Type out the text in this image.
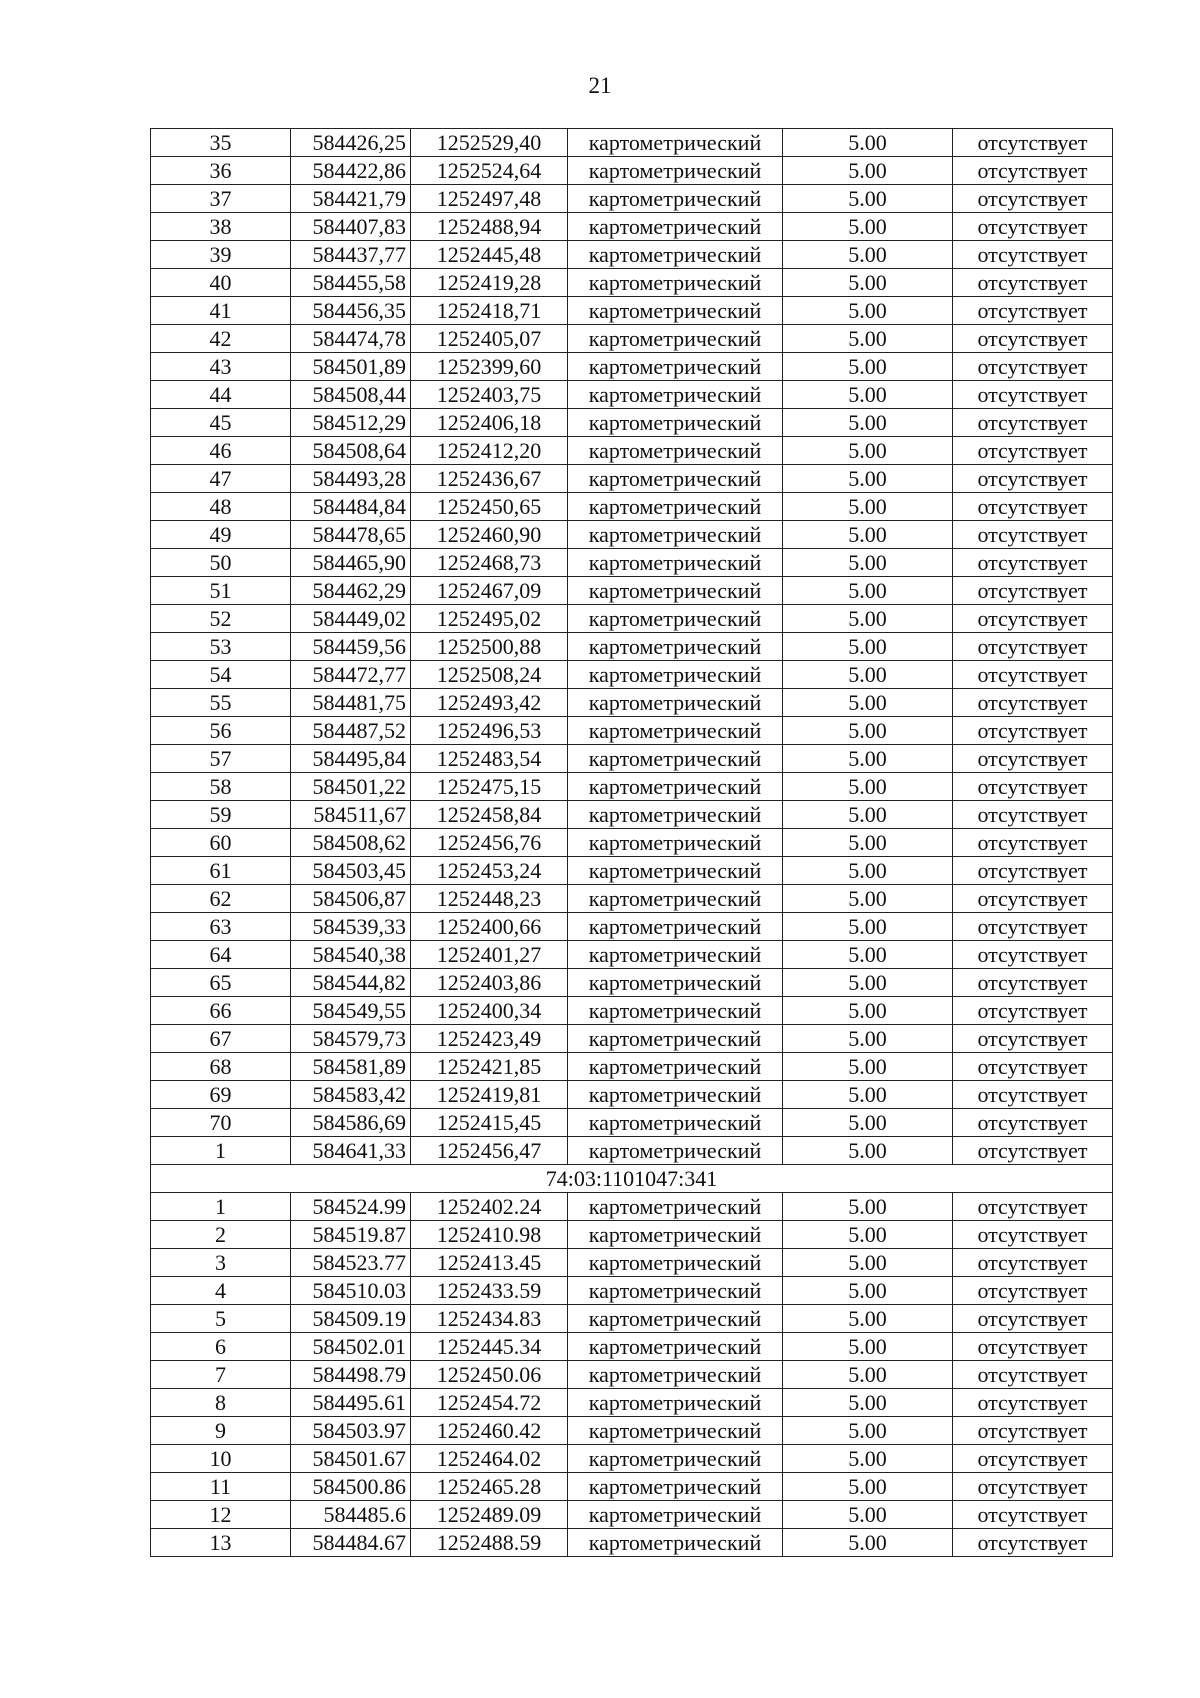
21
35	584426,25	1252529,40	картометрический	5.00	отсутствует
36	584422,86	1252524,64	картометрический	5.00	отсутствует
37	584421,79	1252497,48	картометрический	5.00	отсутствует
38	584407,83	1252488,94	картометрический	5.00	отсутствует
39	584437,77	1252445,48	картометрический	5.00	отсутствует
40	584455,58	1252419,28	картометрический	5.00	отсутствует
41	584456,35	1252418,71	картометрический	5.00	отсутствует
42	584474,78	1252405,07	картометрический	5.00	отсутствует
43	584501,89	1252399,60	картометрический	5.00	отсутствует
44	584508,44	1252403,75	картометрический	5.00	отсутствует
45	584512,29	1252406,18	картометрический	5.00	отсутствует
46	584508,64	1252412,20	картометрический	5.00	отсутствует
47	584493,28	1252436,67	картометрический	5.00	отсутствует
48	584484,84	1252450,65	картометрический	5.00	отсутствует
49	584478,65	1252460,90	картометрический	5.00	отсутствует
50	584465,90	1252468,73	картометрический	5.00	отсутствует
51	584462,29	1252467,09	картометрический	5.00	отсутствует
52	584449,02	1252495,02	картометрический	5.00	отсутствует
53	584459,56	1252500,88	картометрический	5.00	отсутствует
54	584472,77	1252508,24	картометрический	5.00	отсутствует
55	584481,75	1252493,42	картометрический	5.00	отсутствует
56	584487,52	1252496,53	картометрический	5.00	отсутствует
57	584495,84	1252483,54	картометрический	5.00	отсутствует
58	584501,22	1252475,15	картометрический	5.00	отсутствует
59	584511,67	1252458,84	картометрический	5.00	отсутствует
60	584508,62	1252456,76	картометрический	5.00	отсутствует
61	584503,45	1252453,24	картометрический	5.00	отсутствует
62	584506,87	1252448,23	картометрический	5.00	отсутствует
63	584539,33	1252400,66	картометрический	5.00	отсутствует
64	584540,38	1252401,27	картометрический	5.00	отсутствует
65	584544,82	1252403,86	картометрический	5.00	отсутствует
66	584549,55	1252400,34	картометрический	5.00	отсутствует
67	584579,73	1252423,49	картометрический	5.00	отсутствует
68	584581,89	1252421,85	картометрический	5.00	отсутствует
69	584583,42	1252419,81	картометрический	5.00	отсутствует
70	584586,69	1252415,45	картометрический	5.00	отсутствует
1	584641,33	1252456,47	картометрический	5.00	отсутствует
74:03:1101047:341					
1	584524.99	1252402.24	картометрический	5.00	отсутствует
2	584519.87	1252410.98	картометрический	5.00	отсутствует
3	584523.77	1252413.45	картометрический	5.00	отсутствует
4	584510.03	1252433.59	картометрический	5.00	отсутствует
5	584509.19	1252434.83	картометрический	5.00	отсутствует
6	584502.01	1252445.34	картометрический	5.00	отсутствует
7	584498.79	1252450.06	картометрический	5.00	отсутствует
8	584495.61	1252454.72	картометрический	5.00	отсутствует
9	584503.97	1252460.42	картометрический	5.00	отсутствует
10	584501.67	1252464.02	картометрический	5.00	отсутствует
11	584500.86	1252465.28	картометрический	5.00	отсутствует
12	584485.6	1252489.09	картометрический	5.00	отсутствует
13	584484.67	1252488.59	картометрический	5.00	отсутствует
